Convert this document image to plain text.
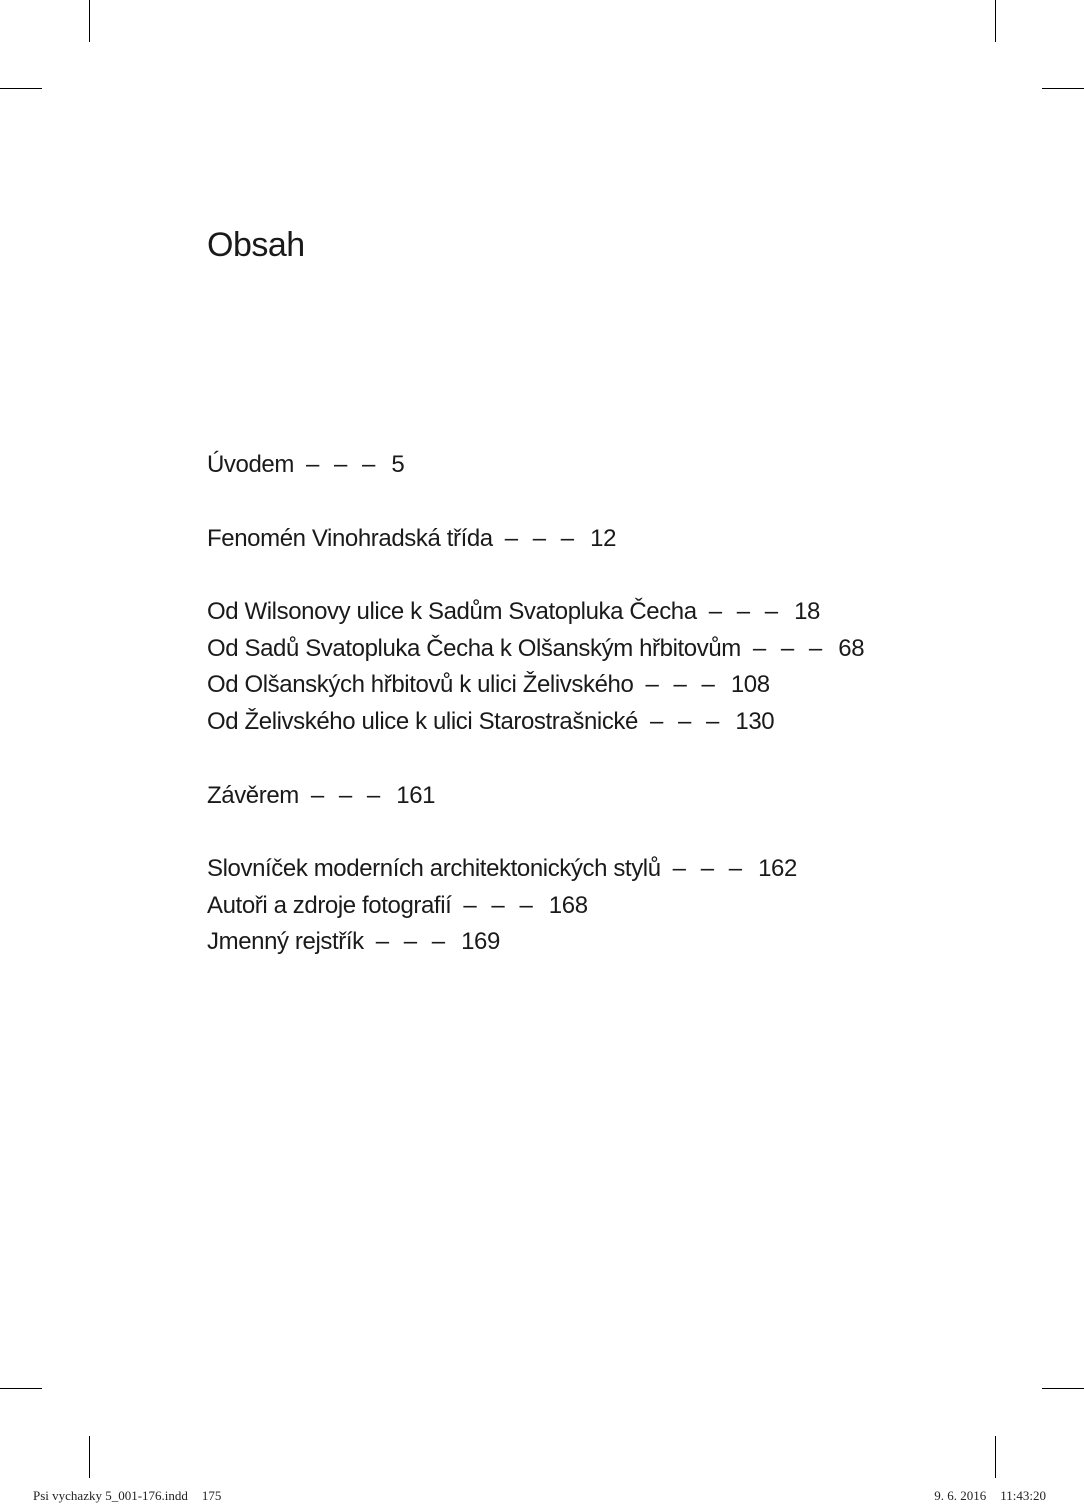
Obsah
Úvodem – – – 5
Fenomén Vinohradská třída – – – 12
Od Wilsonovy ulice k Sadům Svatopluka Čecha – – – 18
Od Sadů Svatopluka Čecha k Olšanským hřbitovům – – – 68
Od Olšanských hřbitovů k ulici Želivského – – – 108
Od Želivského ulice k ulici Starostrašnické – – – 130
Závěrem – – – 161
Slovníček moderních architektonických stylů – – – 162
Autoři a zdroje fotografií – – – 168
Jmenný rejstřík – – – 169
Psi vychazky 5_001-176.indd 175	9. 6. 2016 11:43:20
